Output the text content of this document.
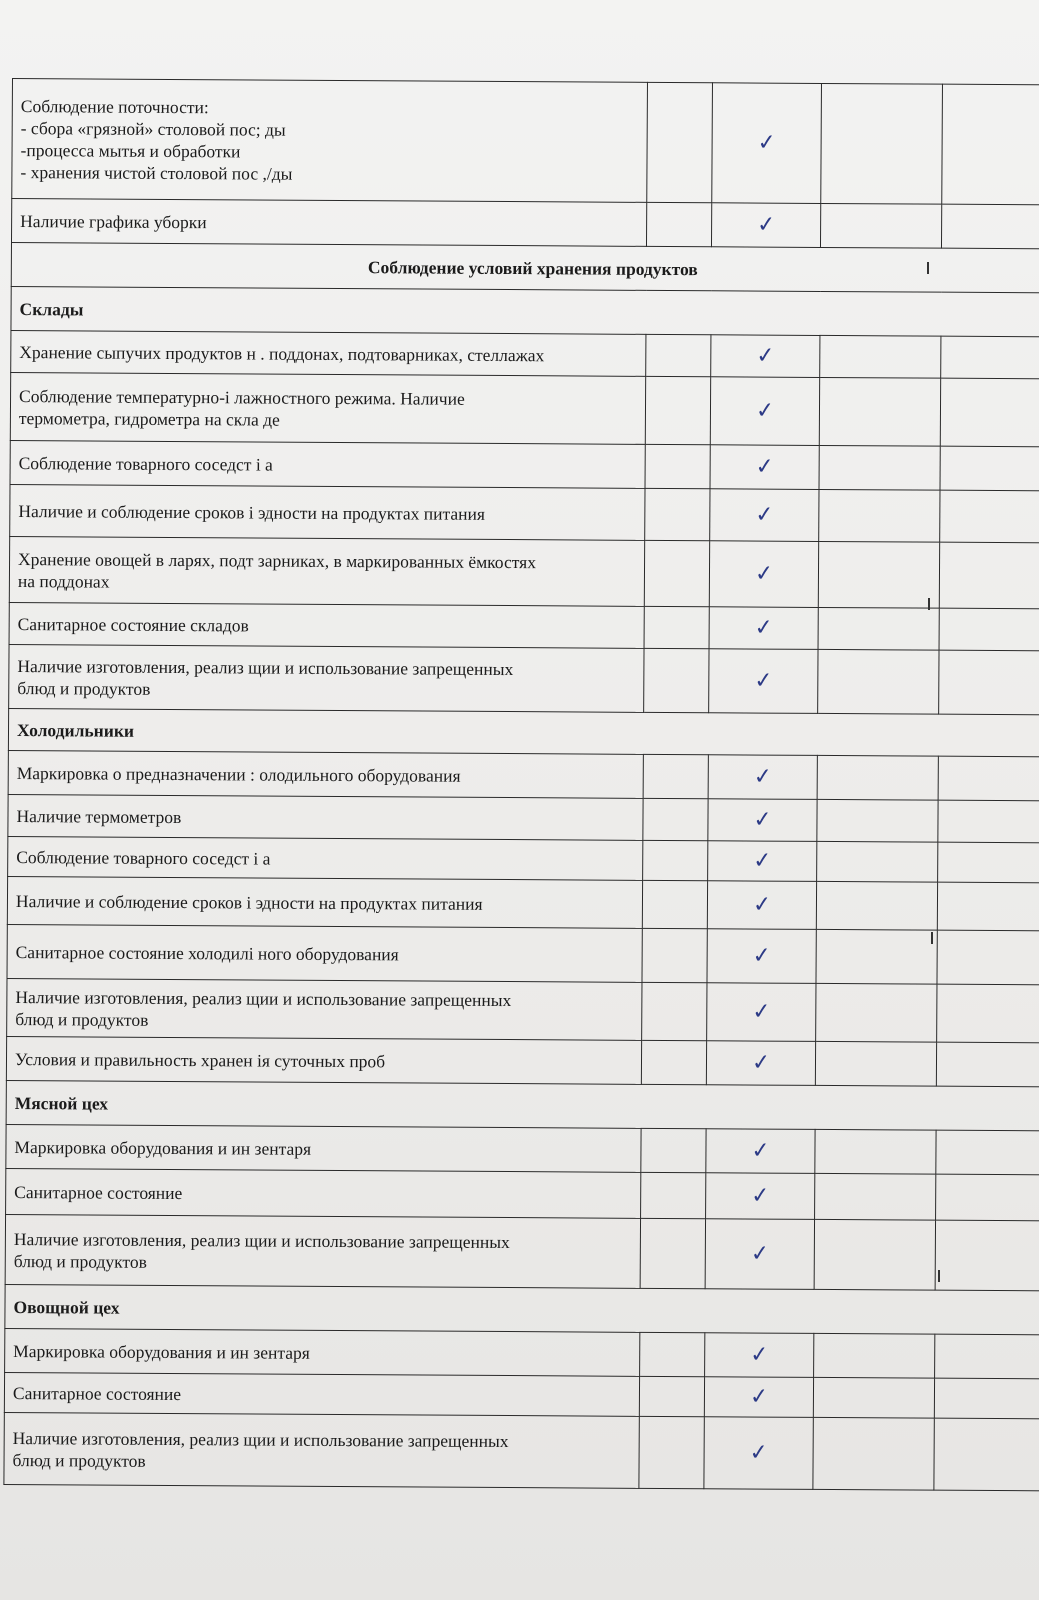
Соблюдение поточности:
- сбора «грязной» столовой пос; ды
-процесса мытья и обработки
- хранения чистой столовой пос ,/ды		✓		

Наличие графика уборки		✓		
Соблюдение условий хранения продуктов				
Склады				

Хранение сыпучих продуктов н . поддонах, подтоварниках, стеллажах		✓		

Соблюдение температурно-і лажностного режима. Наличие
термометра, гидрометра на скла де		✓		

Соблюдение товарного соседст і а		✓		

Наличие и соблюдение сроков і эдности на продуктах питания		✓		

Хранение овощей в ларях, подт зарниках, в маркированных ёмкостях
на поддонах		✓		

Санитарное состояние складов		✓		

Наличие изготовления, реализ щии и использование запрещенных
блюд и продуктов		✓		
Холодильники				

Маркировка о предназначении : олодильного оборудования		✓		

Наличие термометров		✓		

Соблюдение товарного соседст і а		✓		

Наличие и соблюдение сроков і эдности на продуктах питания		✓		

Санитарное состояние холодилі ного оборудования		✓		

Наличие изготовления, реализ щии и использование запрещенных
блюд и продуктов		✓		

Условия и правильность хранен ія суточных проб		✓		
Мясной цех				

Маркировка оборудования и ин зентаря		✓		

Санитарное состояние		✓		

Наличие изготовления, реализ щии и использование запрещенных
блюд и продуктов		✓		
Овощной цех				

Маркировка оборудования и ин зентаря		✓		

Санитарное состояние		✓		

Наличие изготовления, реализ щии и использование запрещенных
блюд и продуктов		✓		
